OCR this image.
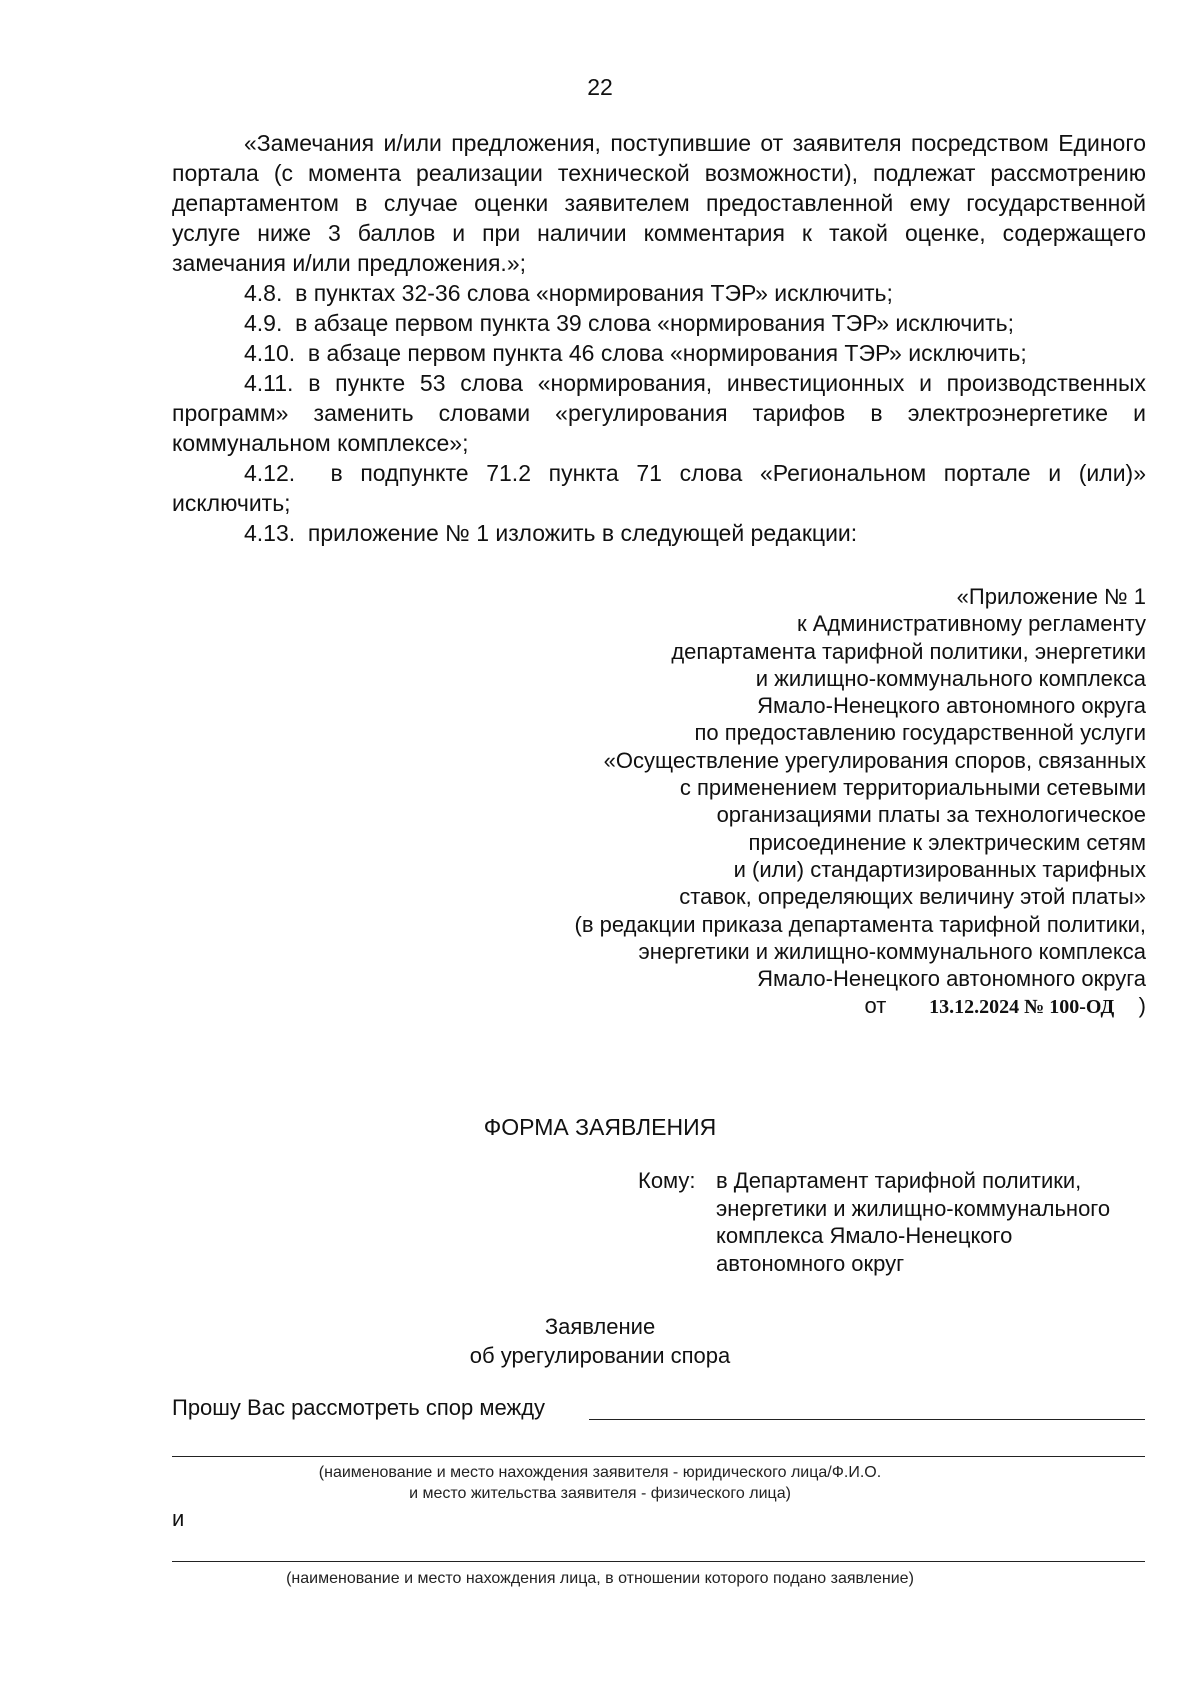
22

«Замечания и/или предложения, поступившие от заявителя посредством Единого портала (с момента реализации технической возможности), подлежат рассмотрению департаментом в случае оценки заявителем предоставленной ему государственной услуге ниже 3 баллов и при наличии комментария к такой оценке, содержащего замечания и/или предложения.»;

4.8.  в пунктах 32-36 слова «нормирования ТЭР» исключить;

4.9.  в абзаце первом пункта 39 слова «нормирования ТЭР» исключить;

4.10.  в абзаце первом пункта 46 слова «нормирования ТЭР» исключить;

4.11. в пункте 53 слова «нормирования, инвестиционных и производственных программ» заменить словами «регулирования тарифов в электроэнергетике и коммунальном комплексе»;

4.12.  в подпункте 71.2 пункта 71 слова «Региональном портале и (или)» исключить;

4.13.  приложение № 1 изложить в следующей редакции:

«Приложение № 1
к Административному регламенту
департамента тарифной политики, энергетики
и жилищно-коммунального комплекса
Ямало-Ненецкого автономного округа
по предоставлению государственной услуги
«Осуществление урегулирования споров, связанных
с применением территориальными сетевыми
организациями платы за технологическое
присоединение к электрическим сетям
и (или) стандартизированных тарифных
ставок, определяющих величину этой платы»
(в редакции приказа департамента тарифной политики,
энергетики и жилищно-коммунального комплекса
Ямало-Ненецкого автономного округа
от 13.12.2024 № 100-ОД )
ФОРМА ЗАЯВЛЕНИЯ
Кому: в Департамент тарифной политики,
энергетики и жилищно-коммунального
комплекса Ямало-Ненецкого
автономного округ
Заявление
об урегулировании спора
Прошу Вас рассмотреть спор между
(наименование и место нахождения заявителя - юридического лица/Ф.И.О.
и место жительства заявителя - физического лица)
и
(наименование и место нахождения лица, в отношении которого подано заявление)
